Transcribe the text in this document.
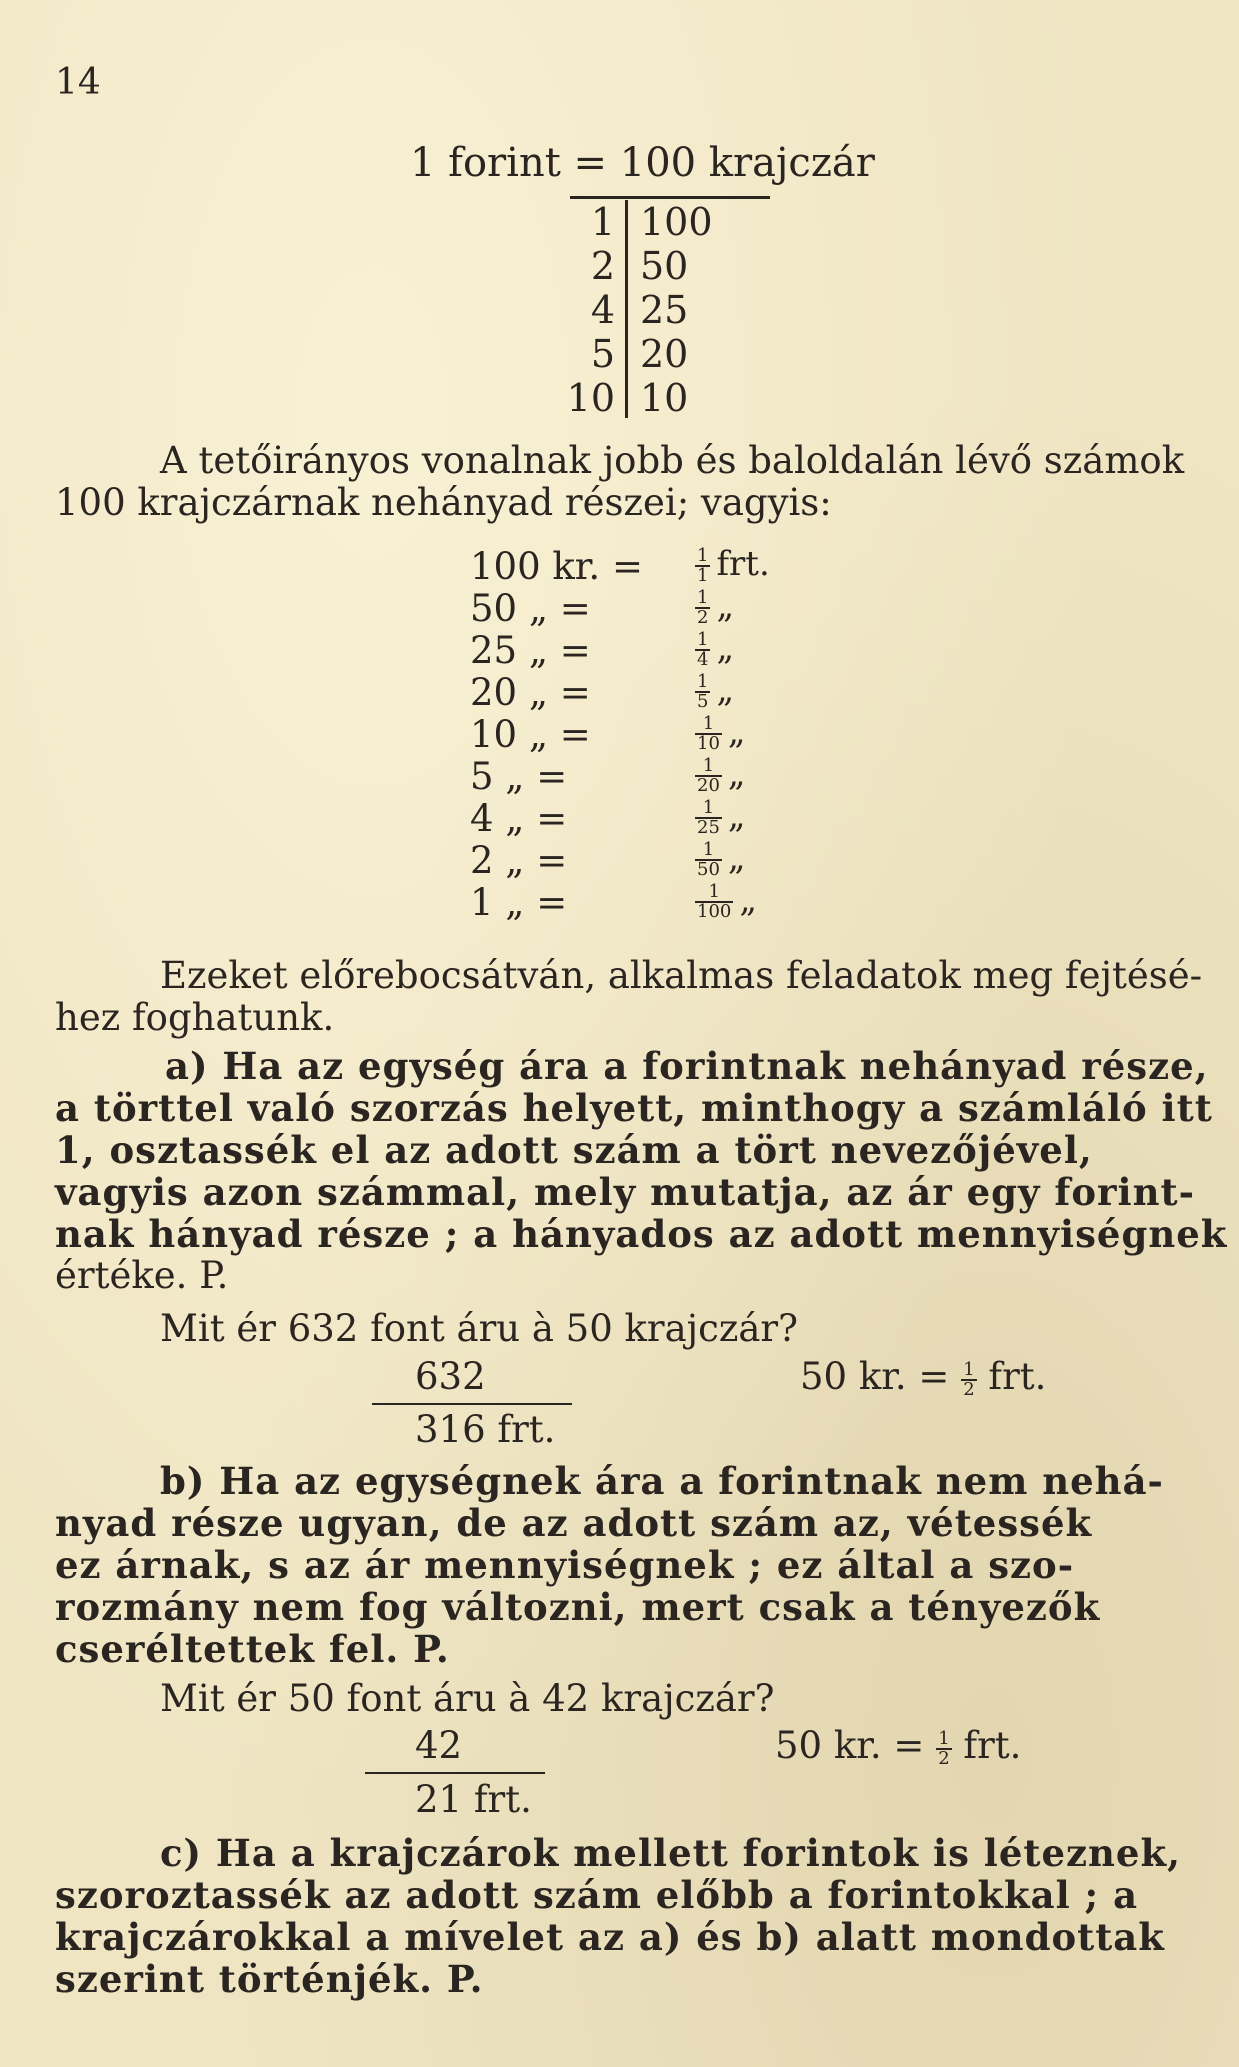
14
1 forint = 100 krajczár
1 100
2 50
4 25
5 20
10 10
A tetőirányos vonalnak jobb és baloldalán lévő számok
100 krajczárnak nehányad részei; vagyis:
100 kr. =	$\frac{1}{1}$ frt.
50 „ =	$\frac{1}{2}$ „
25 „ =	$\frac{1}{4}$ „
20 „ =	$\frac{1}{5}$ „
10 „ =	$\frac{1}{10}$ „
5 „ =	$\frac{1}{20}$ „
4 „ =	$\frac{1}{25}$ „
2 „ =	$\frac{1}{50}$ „
1 „ =	$\frac{1}{100}$ „
Ezeket előrebocsátván, alkalmas feladatok meg fejtésé-
hez foghatunk.
a) Ha az egység ára a forintnak nehányad része,
a törttel való szorzás helyett, minthogy a számláló itt
1, osztassék el az adott szám a tört nevezőjével,
vagyis azon számmal, mely mutatja, az ár egy forint-
nak hányad része ; a hányados az adott mennyiségnek
értéke. P.
Mit ér 632 font áru à 50 krajczár?
632
316 frt.
50 kr. = $\frac{1}{2}$ frt.
b) Ha az egységnek ára a forintnak nem nehá-
nyad része ugyan, de az adott szám az, vétessék
ez árnak, s az ár mennyiségnek ; ez által a szo-
rozmány nem fog változni, mert csak a tényezők
cseréltettek fel. P.
Mit ér 50 font áru à 42 krajczár?
42
21 frt.
50 kr. = $\frac{1}{2}$ frt.
c) Ha a krajczárok mellett forintok is léteznek,
szoroztassék az adott szám előbb a forintokkal ; a
krajczárokkal a mívelet az a) és b) alatt mondottak
szerint történjék. P.
